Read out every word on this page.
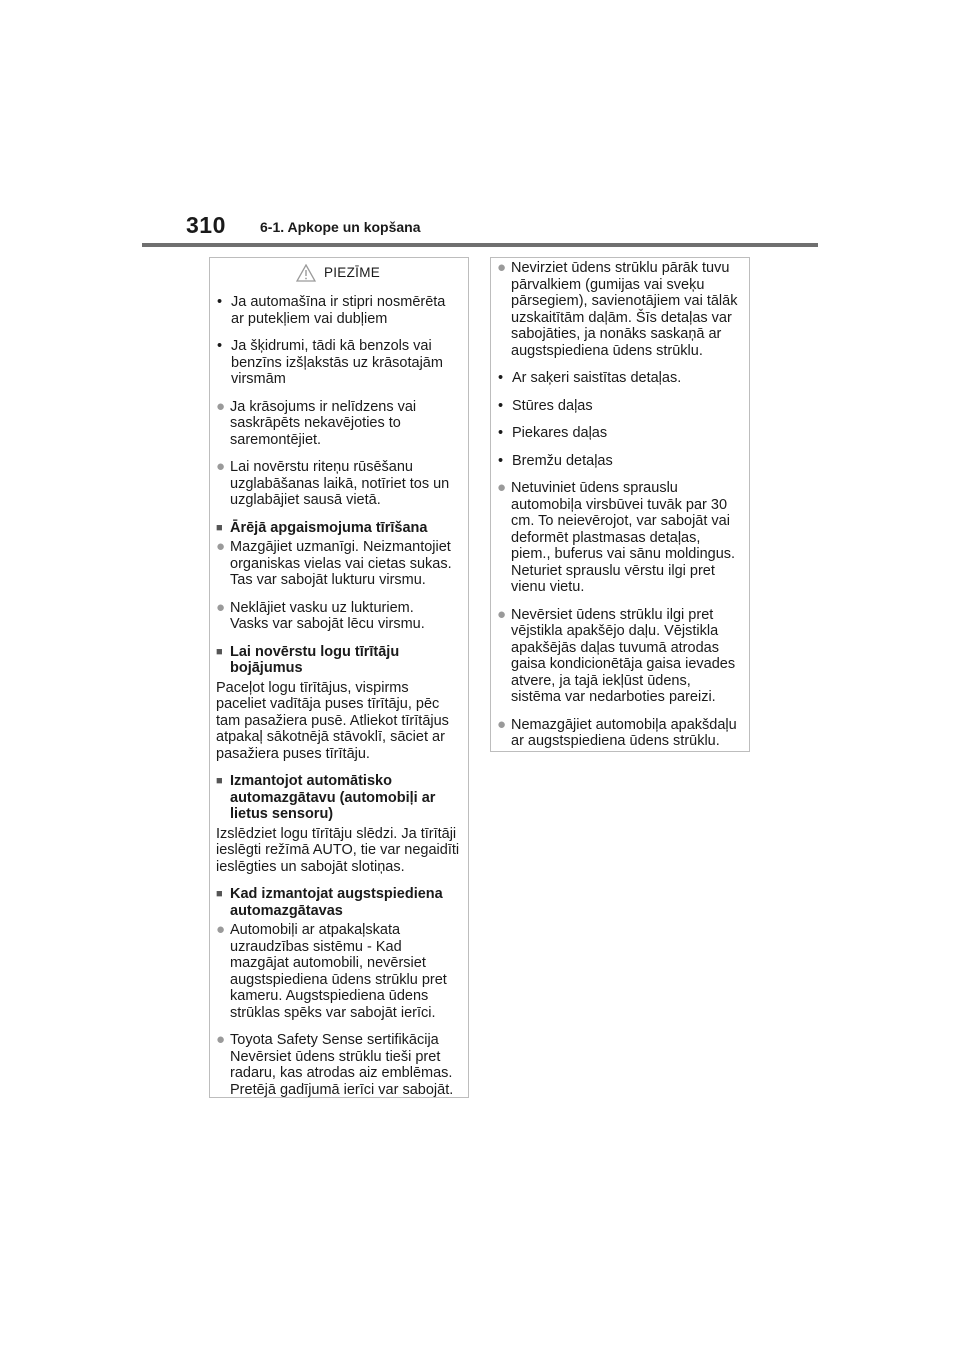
310 6-1. Apkope un kopšana
PIEZĪME
• Ja automašīna ir stipri nosmērēta
ar putekļiem vai dubļiem
• Ja šķidrumi, tādi kā benzols vai
benzīns izšļakstās uz krāsotajām
virsmām
● Ja krāsojums ir nelīdzens vai
saskrāpēts nekavējoties to
saremontējiet.
● Lai novērstu riteņu rūsēšanu
uzglabāšanas laikā, notīriet tos un
uzglabājiet sausā vietā.
■ Ārējā apgaismojuma tīrīšana
● Mazgājiet uzmanīgi. Neizmantojiet
organiskas vielas vai cietas sukas.
Tas var sabojāt lukturu virsmu.
● Neklājiet vasku uz lukturiem.
Vasks var sabojāt lēcu virsmu.
■ Lai novērstu logu tīrītāju
bojājumus
Paceļot logu tīrītājus, vispirms
paceliet vadītāja puses tīrītāju, pēc
tam pasažiera pusē. Atliekot tīrītājus
atpakaļ sākotnējā stāvoklī, sāciet ar
pasažiera puses tīrītāju.
■ Izmantojot automātisko
automazgātavu (automobiļi ar
lietus sensoru)
Izslēdziet logu tīrītāju slēdzi. Ja tīrītāji
ieslēgti režīmā AUTO, tie var negaidīti
ieslēgties un sabojāt slotiņas.
■ Kad izmantojat augstspiediena
automazgātavas
● Automobiļi ar atpakaļskata
uzraudzības sistēmu - Kad
mazgājat automobili, nevērsiet
augstspiediena ūdens strūklu pret
kameru. Augstspiediena ūdens
strūklas spēks var sabojāt ierīci.
● Toyota Safety Sense sertifikācija
Nevērsiet ūdens strūklu tieši pret
radaru, kas atrodas aiz emblēmas.
Pretējā gadījumā ierīci var sabojāt.
● Nevirziet ūdens strūklu pārāk tuvu
pārvalkiem (gumijas vai sveķu
pārsegiem), savienotājiem vai tālāk
uzskaitītām daļām. Šīs detaļas var
sabojāties, ja nonāks saskaņā ar
augstspiediena ūdens strūklu.
• Ar saķeri saistītas detaļas.
• Stūres daļas
• Piekares daļas
• Bremžu detaļas
● Netuviniet ūdens sprauslu
automobiļa virsbūvei tuvāk par 30
cm. To neievērojot, var sabojāt vai
deformēt plastmasas detaļas,
piem., buferus vai sānu moldingus.
Neturiet sprauslu vērstu ilgi pret
vienu vietu.
● Nevērsiet ūdens strūklu ilgi pret
vējstikla apakšējo daļu. Vējstikla
apakšējās daļas tuvumā atrodas
gaisa kondicionētāja gaisa ievades
atvere, ja tajā iekļūst ūdens,
sistēma var nedarboties pareizi.
● Nemazgājiet automobiļa apakšdaļu
ar augstspiediena ūdens strūklu.
